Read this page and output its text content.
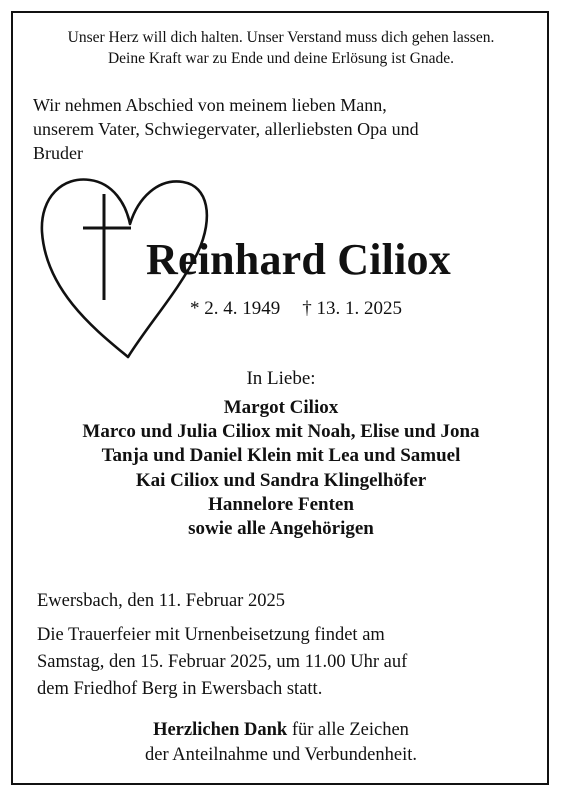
Unser Herz will dich halten. Unser Verstand muss dich gehen lassen.
Deine Kraft war zu Ende und deine Erlösung ist Gnade.
Wir nehmen Abschied von meinem lieben Mann,
unserem Vater, Schwiegervater, allerliebsten Opa und
Bruder
Reinhard Ciliox
* 2. 4. 1949 † 13. 1. 2025
In Liebe:
Margot Ciliox
Marco und Julia Ciliox mit Noah, Elise und Jona
Tanja und Daniel Klein mit Lea und Samuel
Kai Ciliox und Sandra Klingelhöfer
Hannelore Fenten
sowie alle Angehörigen
Ewersbach, den 11. Februar 2025
Die Trauerfeier mit Urnenbeisetzung findet am
Samstag, den 15. Februar 2025, um 11.00 Uhr auf
dem Friedhof Berg in Ewersbach statt.
Herzlichen Dank für alle Zeichen
der Anteilnahme und Verbundenheit.
